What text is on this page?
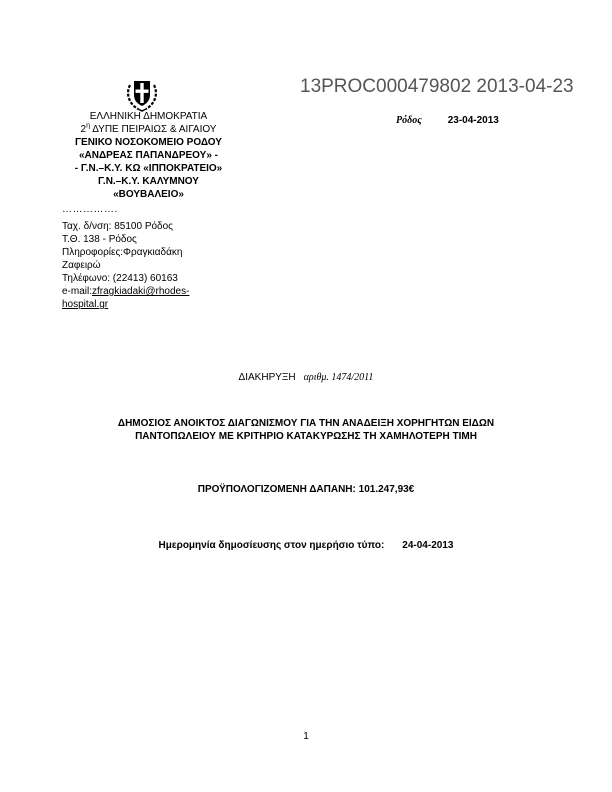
13PROC000479802 2013-04-23
ΕΛΛΗΝΙΚΗ ΔΗΜΟΚΡΑΤΙΑ
$2^\eta$ ΔΥΠΕ ΠΕΙΡΑΙΩΣ & ΑΙΓΑΙΟΥ
ΓΕΝΙΚΟ ΝΟΣΟΚΟΜΕΙΟ ΡΟΔΟΥ
«ΑΝΔΡΕΑΣ ΠΑΠΑΝΔΡΕΟΥ» -
- Γ.Ν.–Κ.Υ. ΚΩ «ΙΠΠΟΚΡΑΤΕΙΟ»
Γ.Ν.–Κ.Υ. ΚΑΛΥΜΝΟΥ
«ΒΟΥΒΑΛΕΙΟ»
…………….
Ταχ. δ/νση: 85100 Ρόδος
Τ.Θ. 138 - Ρόδος
Πληροφορίες:Φραγκιαδάκη
Ζαφειρώ
Τηλέφωνο: (22413) 60163
e-mail:zfragkiadaki@rhodes-
hospital.gr
Ρόδος	23-04-2013
ΔΙΑΚΗΡΥΞΗ αριθμ. 1474/2011
ΔΗΜΟΣΙΟΣ ΑΝΟΙΚΤΟΣ ΔΙΑΓΩΝΙΣΜΟΥ ΓΙΑ ΤΗΝ ΑΝΑΔΕΙΞΗ ΧΟΡΗΓΗΤΩΝ ΕΙΔΩΝ
ΠΑΝΤΟΠΩΛΕΙΟΥ ΜΕ ΚΡΙΤΗΡΙΟ ΚΑΤΑΚΥΡΩΣΗΣ ΤΗ ΧΑΜΗΛΟΤΕΡΗ ΤΙΜΗ
ΠΡΟΫΠΟΛΟΓΙΖΟΜΕΝΗ ΔΑΠΑΝΗ: 101.247,93€
Ημερομηνία δημοσίευσης στον ημερήσιο τύπο: 24-04-2013
1
